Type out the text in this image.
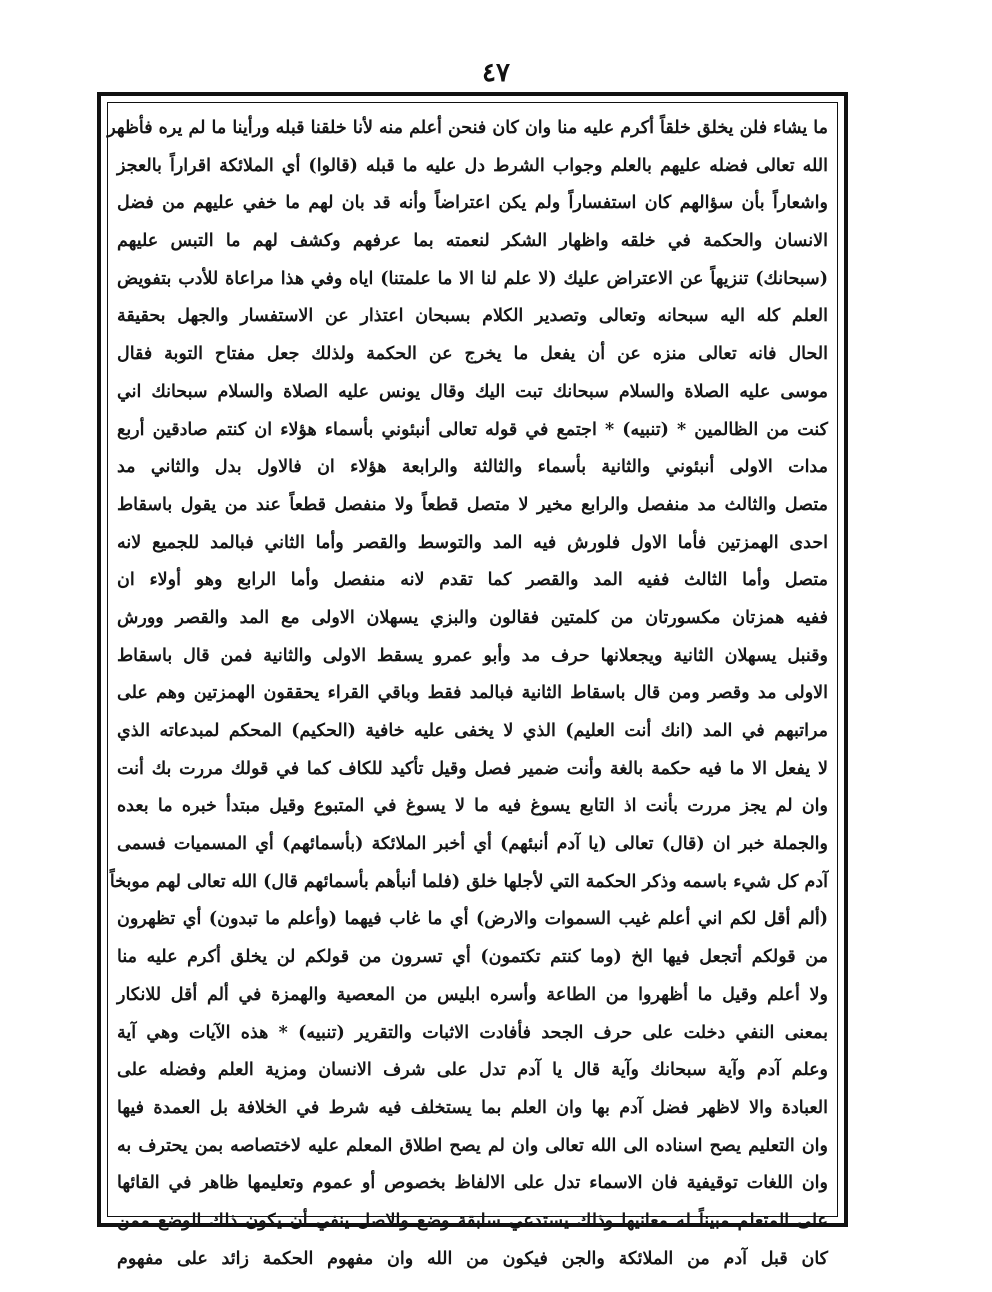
٤٧
ما يشاء فلن يخلق خلقاً أكرم عليه منا وان كان فنحن أعلم منه لأنا خلقنا قبله ورأينا ما لم يره فأظهر
الله تعالى فضله عليهم بالعلم وجواب الشرط دل عليه ما قبله (قالوا) أي الملائكة اقراراً بالعجز
واشعاراً بأن سؤالهم كان استفساراً ولم يكن اعتراضاً وأنه قد بان لهم ما خفي عليهم من فضل
الانسان والحكمة في خلقه واظهار الشكر لنعمته بما عرفهم وكشف لهم ما التبس عليهم
(سبحانك) تنزيهاً عن الاعتراض عليك (لا علم لنا الا ما علمتنا) اياه وفي هذا مراعاة للأدب بتفويض
العلم كله اليه سبحانه وتعالى وتصدير الكلام بسبحان اعتذار عن الاستفسار والجهل بحقيقة
الحال فانه تعالى منزه عن أن يفعل ما يخرج عن الحكمة ولذلك جعل مفتاح التوبة فقال
موسى عليه الصلاة والسلام سبحانك تبت اليك وقال يونس عليه الصلاة والسلام سبحانك اني
كنت من الظالمين * (تنبيه) * اجتمع في قوله تعالى أنبئوني بأسماء هؤلاء ان كنتم صادقين أربع
مدات الاولى أنبئوني والثانية بأسماء والثالثة والرابعة هؤلاء ان فالاول بدل والثاني مد
متصل والثالث مد منفصل والرابع مخير لا متصل قطعاً ولا منفصل قطعاً عند من يقول باسقاط
احدى الهمزتين فأما الاول فلورش فيه المد والتوسط والقصر وأما الثاني فبالمد للجميع لانه
متصل وأما الثالث ففيه المد والقصر كما تقدم لانه منفصل وأما الرابع وهو أولاء ان
ففيه همزتان مكسورتان من كلمتين فقالون والبزي يسهلان الاولى مع المد والقصر وورش
وقنبل يسهلان الثانية ويجعلانها حرف مد وأبو عمرو يسقط الاولى والثانية فمن قال باسقاط
الاولى مد وقصر ومن قال باسقاط الثانية فبالمد فقط وباقي القراء يحققون الهمزتين وهم على
مراتبهم في المد (انك أنت العليم) الذي لا يخفى عليه خافية (الحكيم) المحكم لمبدعاته الذي
لا يفعل الا ما فيه حكمة بالغة وأنت ضمير فصل وقيل تأكيد للكاف كما في قولك مررت بك أنت
وان لم يجز مررت بأنت اذ التابع يسوغ فيه ما لا يسوغ في المتبوع وقيل مبتدأ خبره ما بعده
والجملة خبر ان (قال) تعالى (يا آدم أنبئهم) أي أخبر الملائكة (بأسمائهم) أي المسميات فسمى
آدم كل شيء باسمه وذكر الحكمة التي لأجلها خلق (فلما أنبأهم بأسمائهم قال) الله تعالى لهم موبخاً
(ألم أقل لكم اني أعلم غيب السموات والارض) أي ما غاب فيهما (وأعلم ما تبدون) أي تظهرون
من قولكم أتجعل فيها الخ (وما كنتم تكتمون) أي تسرون من قولكم لن يخلق أكرم عليه منا
ولا أعلم وقيل ما أظهروا من الطاعة وأسره ابليس من المعصية والهمزة في ألم أقل للانكار
بمعنى النفي دخلت على حرف الجحد فأفادت الاثبات والتقرير (تنبيه) * هذه الآيات وهي آية
وعلم آدم وآية سبحانك وآية قال يا آدم تدل على شرف الانسان ومزية العلم وفضله على
العبادة والا لاظهر فضل آدم بها وان العلم بما يستخلف فيه شرط في الخلافة بل العمدة فيها
وان التعليم يصح اسناده الى الله تعالى وان لم يصح اطلاق المعلم عليه لاختصاصه بمن يحترف به
وان اللغات توقيفية فان الاسماء تدل على الالفاظ بخصوص أو عموم وتعليمها ظاهر في القائها
على المتعلم مبيناً له معانيها وذلك يستدعي سابقة وضع والاصل ينفي أن يكون ذلك الوضع ممن
كان قبل آدم من الملائكة والجن فيكون من الله وان مفهوم الحكمة زائد على مفهوم
